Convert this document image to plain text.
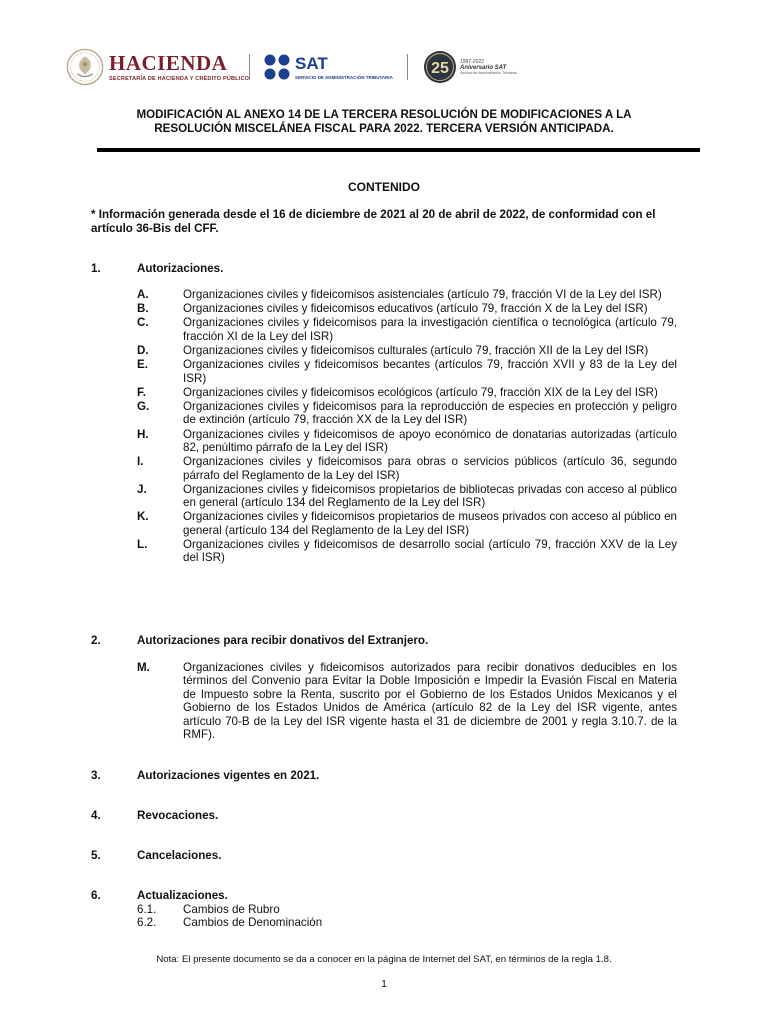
HACIENDA
SECRETARÍA DE HACIENDA Y CRÉDITO PÚBLICO
SAT
SERVICIO DE ADMINISTRACIÓN TRIBUTARIA 25 1997-2022
Aniversario SAT
Servicio de Administración Tributaria
MODIFICACIÓN AL ANEXO 14 DE LA TERCERA RESOLUCIÓN DE MODIFICACIONES A LA
RESOLUCIÓN MISCELÁNEA FISCAL PARA 2022. TERCERA VERSIÓN ANTICIPADA.
CONTENIDO
* Información generada desde el 16 de diciembre de 2021 al 20 de abril de 2022, de conformidad con el artículo 36-Bis del CFF.
1.	Autorizaciones.
A.	Organizaciones civiles y fideicomisos asistenciales (artículo 79, fracción VI de la Ley del ISR)
B.	Organizaciones civiles y fideicomisos educativos (artículo 79, fracción X de la Ley del ISR)
C.	Organizaciones civiles y fideicomisos para la investigación científica o tecnológica (artículo 79, fracción XI de la Ley del ISR)
D.	Organizaciones civiles y fideicomisos culturales (artículo 79, fracción XII de la Ley del ISR)
E.	Organizaciones civiles y fideicomisos becantes (artículos 79, fracción XVII y 83 de la Ley del ISR)
F.	Organizaciones civiles y fideicomisos ecológicos (artículo 79, fracción XIX de la Ley del ISR)
G.	Organizaciones civiles y fideicomisos para la reproducción de especies en protección y peligro de extinción (artículo 79, fracción XX de la Ley del ISR)
H.	Organizaciones civiles y fideicomisos de apoyo económico de donatarias autorizadas (artículo 82, penúltimo párrafo de la Ley del ISR)
I.	Organizaciones civiles y fideicomisos para obras o servicios públicos (artículo 36, segundo párrafo del Reglamento de la Ley del ISR)
J.	Organizaciones civiles y fideicomisos propietarios de bibliotecas privadas con acceso al público en general (artículo 134 del Reglamento de la Ley del ISR)
K.	Organizaciones civiles y fideicomisos propietarios de museos privados con acceso al público en general (artículo 134 del Reglamento de la Ley del ISR)
L.	Organizaciones civiles y fideicomisos de desarrollo social (artículo 79, fracción XXV de la Ley del ISR)
2.	Autorizaciones para recibir donativos del Extranjero.
M.	Organizaciones civiles y fideicomisos autorizados para recibir donativos deducibles en los términos del Convenio para Evitar la Doble Imposición e Impedir la Evasión Fiscal en Materia de Impuesto sobre la Renta, suscrito por el Gobierno de los Estados Unidos Mexicanos y el Gobierno de los Estados Unidos de América (artículo 82 de la Ley del ISR vigente, antes artículo 70-B de la Ley del ISR vigente hasta el 31 de diciembre de 2001 y regla 3.10.7. de la RMF).
3.	Autorizaciones vigentes en 2021.
4.	Revocaciones.
5.	Cancelaciones.
6.	Actualizaciones.
6.1. Cambios de Rubro
6.2. Cambios de Denominación
Nota: El presente documento se da a conocer en la página de Internet del SAT, en términos de la regla 1.8.
1
